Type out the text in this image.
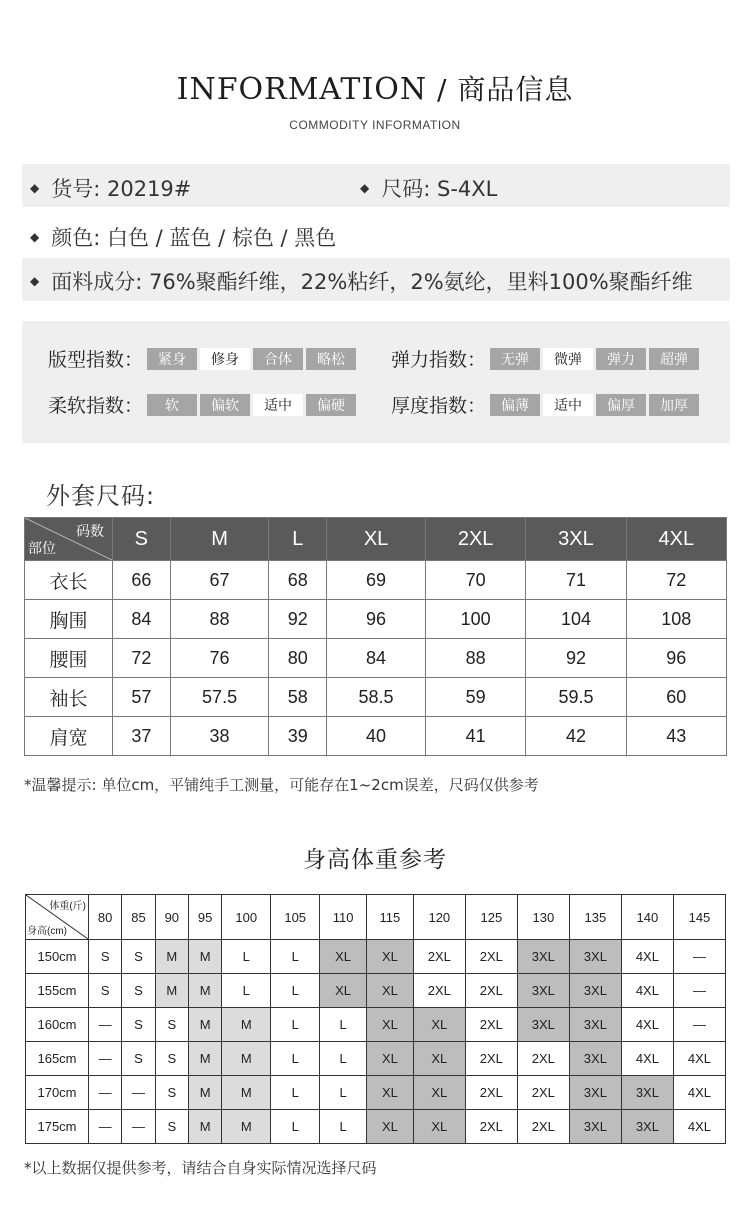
INFORMATION / 商品信息
COMMODITY INFORMATION
◆ 货号: 20219#	◆ 尺码: S-4XL
◆ 颜色: 白色 / 蓝色 / 棕色 / 黑色
◆ 面料成分: 76%聚酯纤维，22%粘纤，2%氨纶，里料100%聚酯纤维
版型指数：	紧身	修身	合体	略松	弹力指数：	无弹	微弹	弹力	超弹
柔软指数：	软	偏软	适中	偏硬	厚度指数：	偏薄	适中	偏厚	加厚
外套尺码:
码数
部位	S	M	L	XL	2XL	3XL	4XL
衣长	66	67	68	69	70	71	72
胸围	84	88	92	96	100	104	108
腰围	72	76	80	84	88	92	96
袖长	57	57.5	58	58.5	59	59.5	60
肩宽	37	38	39	40	41	42	43
*温馨提示: 单位cm，平铺纯手工测量，可能存在1~2cm误差，尺码仅供参考
身高体重参考
体重(斤)
身高(cm)	80	85	90	95	100	105	110	115	120	125	130	135	140	145
150cm	S	S	M	M	L	L	XL	XL	2XL	2XL	3XL	3XL	4XL	—
155cm	S	S	M	M	L	L	XL	XL	2XL	2XL	3XL	3XL	4XL	—
160cm	—	S	S	M	M	L	L	XL	XL	2XL	3XL	3XL	4XL	—
165cm	—	S	S	M	M	L	L	XL	XL	2XL	2XL	3XL	4XL	4XL
170cm	—	—	S	M	M	L	L	XL	XL	2XL	2XL	3XL	3XL	4XL
175cm	—	—	S	M	M	L	L	XL	XL	2XL	2XL	3XL	3XL	4XL
*以上数据仅提供参考，请结合自身实际情况选择尺码
